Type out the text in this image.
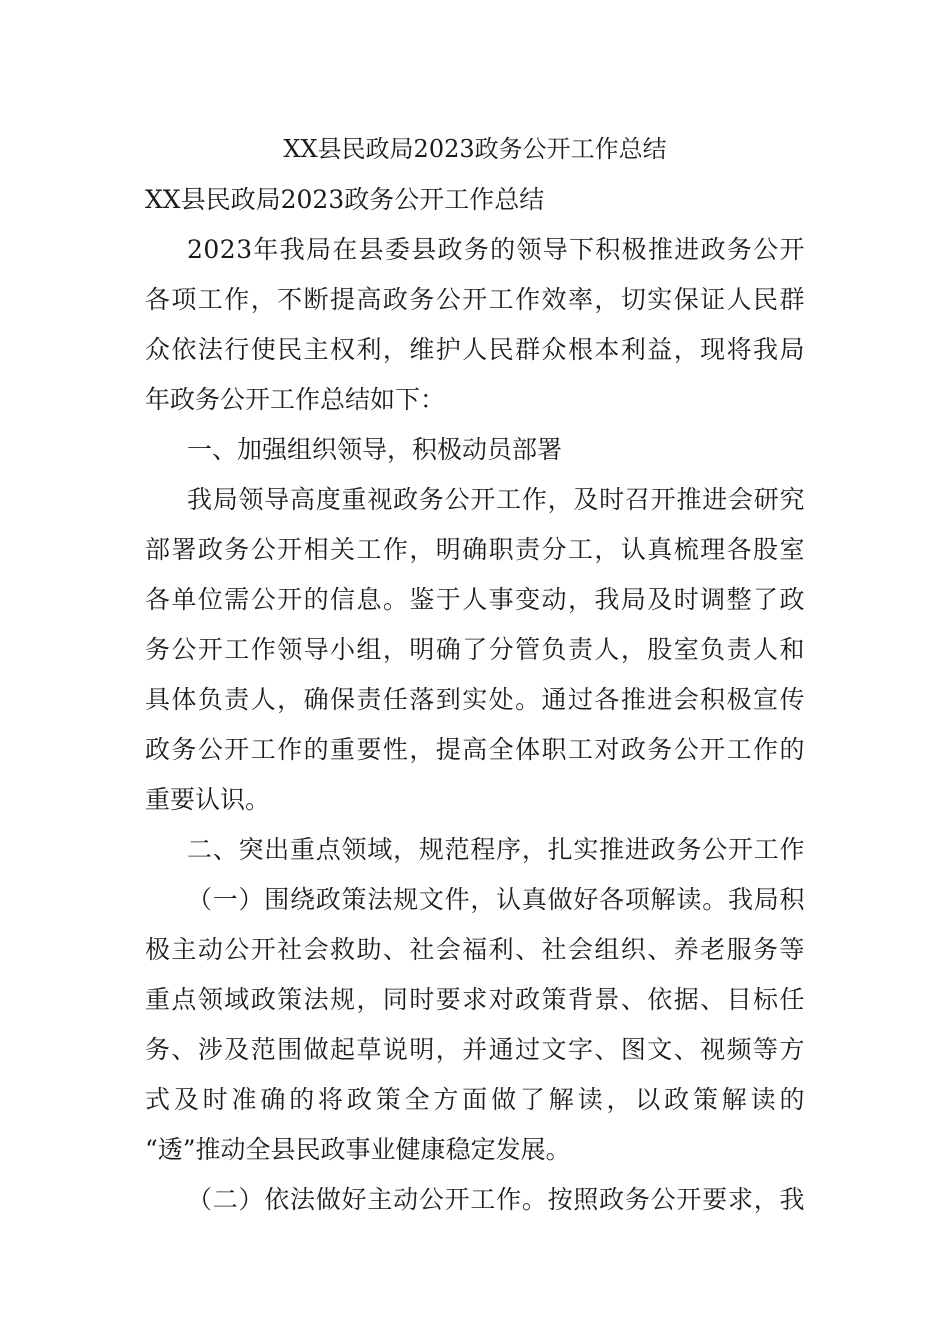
XX县民政局2023政务公开工作总结
XX县民政局2023政务公开工作总结
2023年我局在县委县政务的领导下积极推进政务公开
各项工作，不断提高政务公开工作效率，切实保证人民群
众依法行使民主权利，维护人民群众根本利益，现将我局
年政务公开工作总结如下：
一、加强组织领导，积极动员部署
我局领导高度重视政务公开工作，及时召开推进会研究
部署政务公开相关工作，明确职责分工，认真梳理各股室
各单位需公开的信息。鉴于人事变动，我局及时调整了政
务公开工作领导小组，明确了分管负责人，股室负责人和
具体负责人，确保责任落到实处。通过各推进会积极宣传
政务公开工作的重要性，提高全体职工对政务公开工作的
重要认识。
二、突出重点领域，规范程序，扎实推进政务公开工作
（一）围绕政策法规文件，认真做好各项解读。我局积
极主动公开社会救助、社会福利、社会组织、养老服务等
重点领域政策法规，同时要求对政策背景、依据、目标任
务、涉及范围做起草说明，并通过文字、图文、视频等方
式及时准确的将政策全方面做了解读，以政策解读的
“透”推动全县民政事业健康稳定发展。
（二）依法做好主动公开工作。按照政务公开要求，我
